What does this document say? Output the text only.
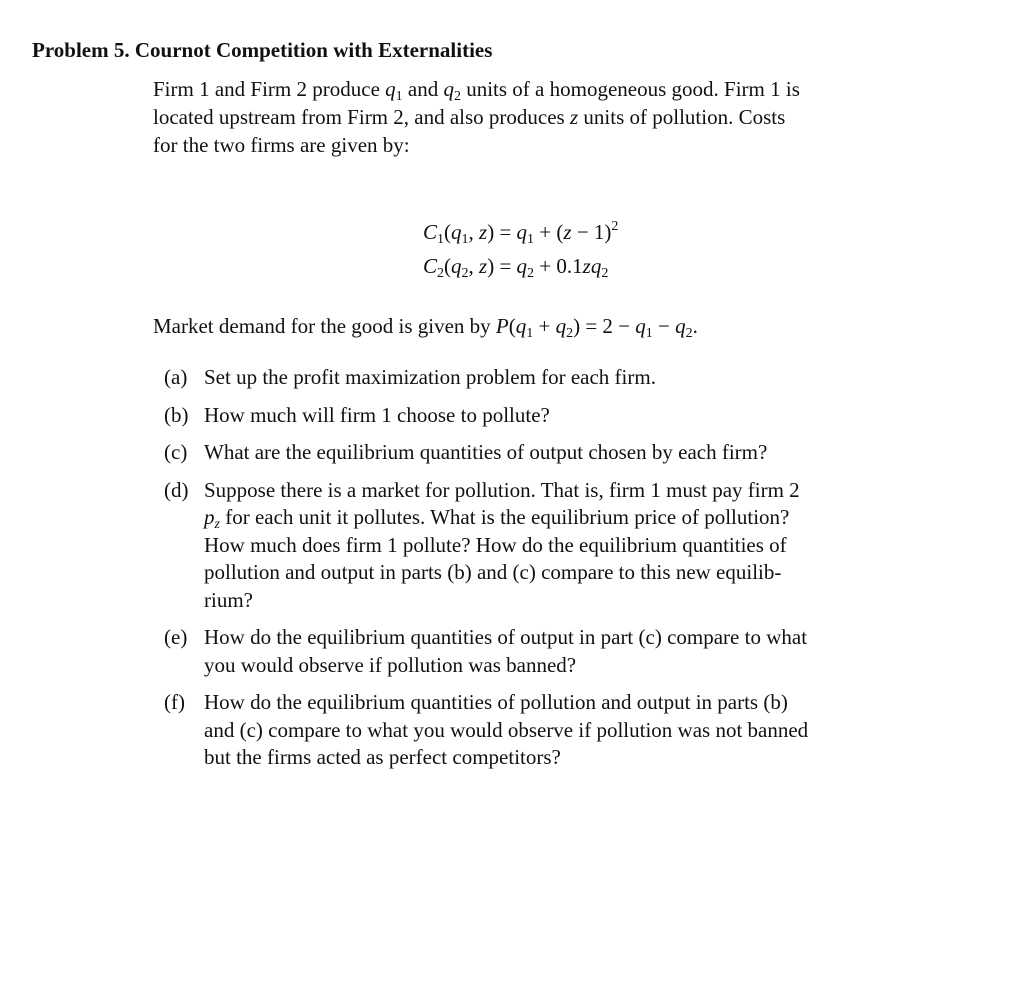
Problem 5. Cournot Competition with Externalities
Firm 1 and Firm 2 produce $q_1$ and $q_2$ units of a homogeneous good. Firm 1 is
located upstream from Firm 2, and also produces z units of pollution. Costs
for the two firms are given by:
$C_1(q_1$, $z) = q_1 + (z - 1)^2$
$C_2(q_2$, $z) = q_2 + 0.1zq_2$
Market demand for the good is given by $P(q_1 + q_2) = 2 - q_1 - q_2$.
(a) Set up the profit maximization problem for each firm.
(b) How much will firm 1 choose to pollute?
(c) What are the equilibrium quantities of output chosen by each firm?
(d) Suppose there is a market for pollution. That is, firm 1 must pay firm 2
$p_z$ for each unit it pollutes. What is the equilibrium price of pollution?
How much does firm 1 pollute? How do the equilibrium quantities of
pollution and output in parts (b) and (c) compare to this new equilib-
rium?
(e) How do the equilibrium quantities of output in part (c) compare to what
you would observe if pollution was banned?
(f) How do the equilibrium quantities of pollution and output in parts (b)
and (c) compare to what you would observe if pollution was not banned
but the firms acted as perfect competitors?
